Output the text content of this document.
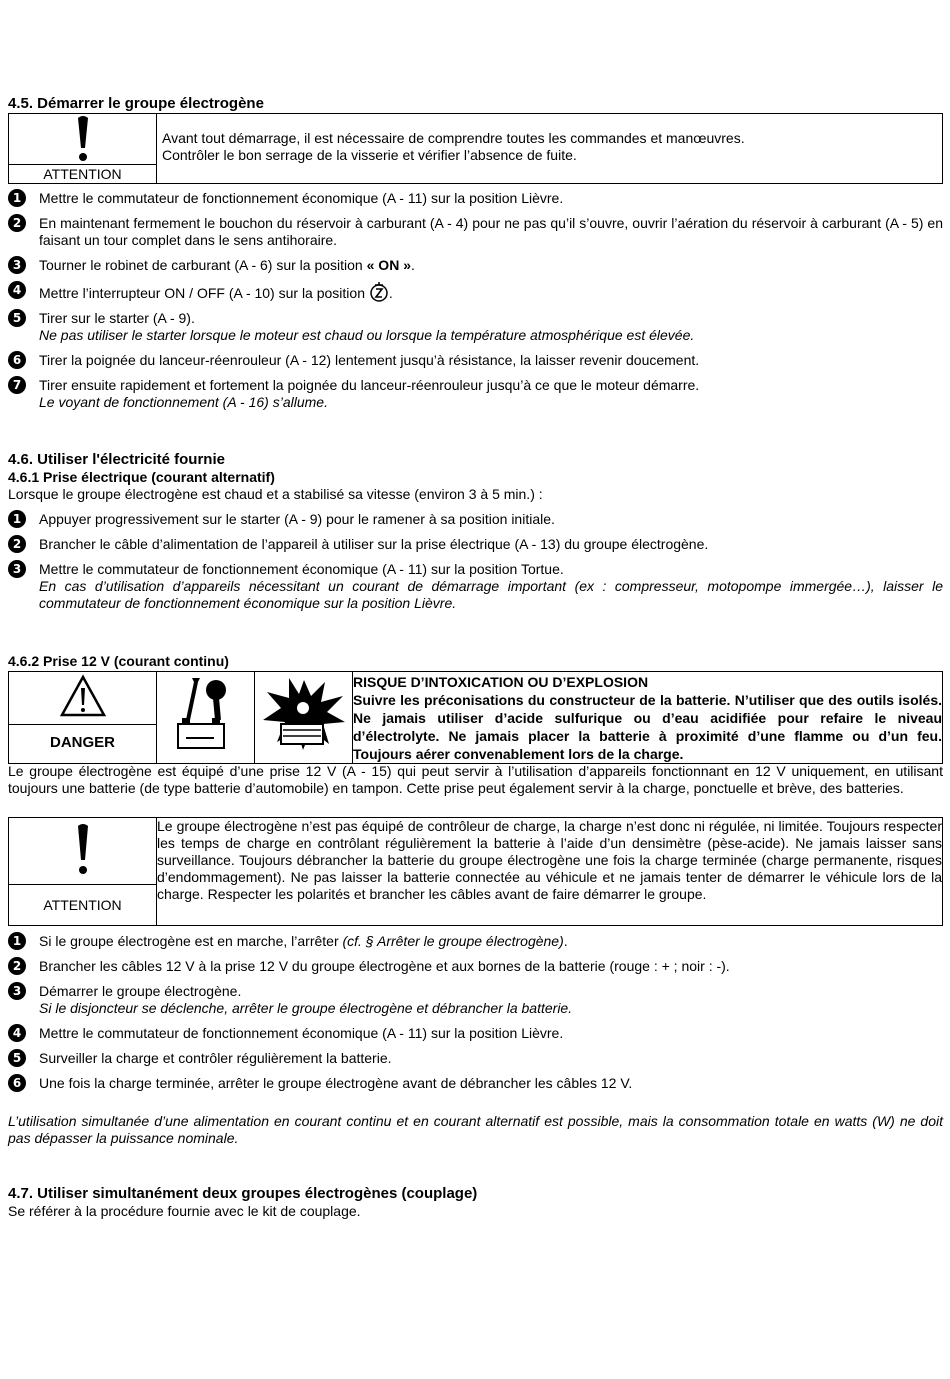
4.5. Démarrer le groupe électrogène
ATTENTION

Avant tout démarrage, il est nécessaire de comprendre toutes les commandes et manœuvres.

Contrôler le bon serrage de la visserie et vérifier l’absence de fuite.

1	Mettre le commutateur de fonctionnement économique (A - 11) sur la position Lièvre.
2	En maintenant fermement le bouchon du réservoir à carburant (A - 4) pour ne pas qu’il s’ouvre, ouvrir l’aération du réservoir à carburant (A - 5) en faisant un tour complet dans le sens antihoraire.
3	Tourner le robinet de carburant (A - 6) sur la position « ON ».
4	Mettre l’interrupteur ON / OFF (A - 10) sur la position .
5	Tirer sur le starter (A - 9).
Ne pas utiliser le starter lorsque le moteur est chaud ou lorsque la température atmosphérique est élevée.
6	Tirer la poignée du lanceur-réenrouleur (A - 12) lentement jusqu’à résistance, la laisser revenir doucement.
7	Tirer ensuite rapidement et fortement la poignée du lanceur-réenrouleur jusqu’à ce que le moteur démarre.
Le voyant de fonctionnement (A - 16) s’allume.
4.6. Utiliser l'électricité fournie
4.6.1 Prise électrique (courant alternatif)

Lorsque le groupe électrogène est chaud et a stabilisé sa vitesse (environ 3 à 5 min.) :

1	Appuyer progressivement sur le starter (A - 9) pour le ramener à sa position initiale.
2	Brancher le câble d’alimentation de l’appareil à utiliser sur la prise électrique (A - 13) du groupe électrogène.
3	Mettre le commutateur de fonctionnement économique (A - 11) sur la position Tortue.
En cas d’utilisation d’appareils nécessitant un courant de démarrage important (ex : compresseur, motopompe immergée…), laisser le commutateur de fonctionnement économique sur la position Lièvre.
4.6.2 Prise 12 V (courant continu)
DANGER

RISQUE D’INTOXICATION OU D’EXPLOSION
Suivre les préconisations du constructeur de la batterie. N’utiliser que des outils isolés. Ne jamais utiliser d’acide sulfurique ou d’eau acidifiée pour refaire le niveau d’électrolyte. Ne jamais placer la batterie à proximité d’une flamme ou d’un feu. Toujours aérer convenablement lors de la charge.

Le groupe électrogène est équipé d’une prise 12 V (A - 15) qui peut servir à l’utilisation d’appareils fonctionnant en 12 V uniquement, en utilisant toujours une batterie (de type batterie d’automobile) en tampon. Cette prise peut également servir à la charge, ponctuelle et brève, des batteries.

ATTENTION
	Le groupe électrogène n’est pas équipé de contrôleur de charge, la charge n’est donc ni régulée, ni limitée. Toujours respecter les temps de charge en contrôlant régulièrement la batterie à l’aide d’un densimètre (pèse-acide). Ne jamais laisser sans surveillance. Toujours débrancher la batterie du groupe électrogène une fois la charge terminée (charge permanente, risques d’endommagement). Ne pas laisser la batterie connectée au véhicule et ne jamais tenter de démarrer le véhicule lors de la charge. Respecter les polarités et brancher les câbles avant de faire démarrer le groupe.
1	Si le groupe électrogène est en marche, l’arrêter (cf. § Arrêter le groupe électrogène).
2	Brancher les câbles 12 V à la prise 12 V du groupe électrogène et aux bornes de la batterie (rouge : + ; noir : -).
3	Démarrer le groupe électrogène.
Si le disjoncteur se déclenche, arrêter le groupe électrogène et débrancher la batterie.
4	Mettre le commutateur de fonctionnement économique (A - 11) sur la position Lièvre.
5	Surveiller la charge et contrôler régulièrement la batterie.
6	Une fois la charge terminée, arrêter le groupe électrogène avant de débrancher les câbles 12 V.

L’utilisation simultanée d’une alimentation en courant continu et en courant alternatif est possible, mais la consommation totale en watts (W) ne doit pas dépasser la puissance nominale.

4.7. Utiliser simultanément deux groupes électrogènes (couplage)

Se référer à la procédure fournie avec le kit de couplage.
